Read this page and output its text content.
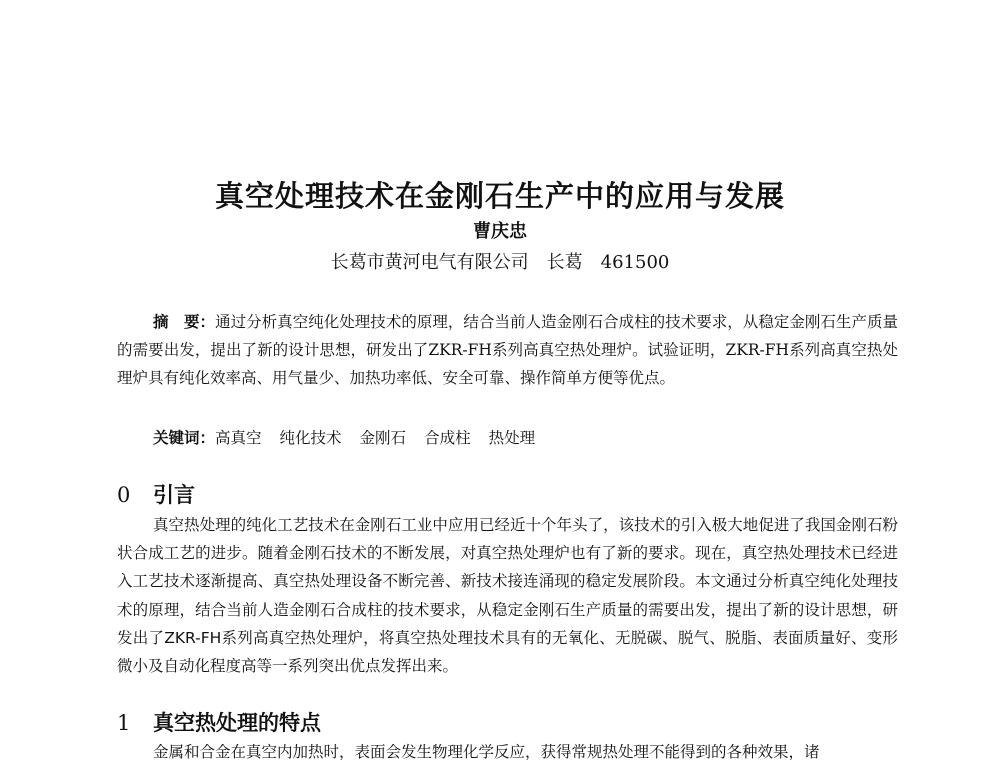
真空处理技术在金刚石生产中的应用与发展
曹庆忠
长葛市黄河电气有限公司 长葛 461500

摘　要：通过分析真空纯化处理技术的原理，结合当前人造金刚石合成柱的技术要求，从稳定金刚石生产质量的需要出发，提出了新的设计思想，研发出了ZKR-FH系列高真空热处理炉。试验证明，ZKR-FH系列高真空热处理炉具有纯化效率高、用气量少、加热功率低、安全可靠、操作简单方便等优点。

关键词：高真空 纯化技术 金刚石 合成柱 热处理

0 引言

真空热处理的纯化工艺技术在金刚石工业中应用已经近十个年头了，该技术的引入极大地促进了我国金刚石粉状合成工艺的进步。随着金刚石技术的不断发展，对真空热处理炉也有了新的要求。现在，真空热处理技术已经进入工艺技术逐渐提高、真空热处理设备不断完善、新技术接连涌现的稳定发展阶段。本文通过分析真空纯化处理技术的原理，结合当前人造金刚石合成柱的技术要求，从稳定金刚石生产质量的需要出发，提出了新的设计思想，研发出了ZKR-FH系列高真空热处理炉，将真空热处理技术具有的无氧化、无脱碳、脱气、脱脂、表面质量好、变形微小及自动化程度高等一系列突出优点发挥出来。

1 真空热处理的特点

金属和合金在真空内加热时，表面会发生物理化学反应，获得常规热处理不能得到的各种效果，诸
